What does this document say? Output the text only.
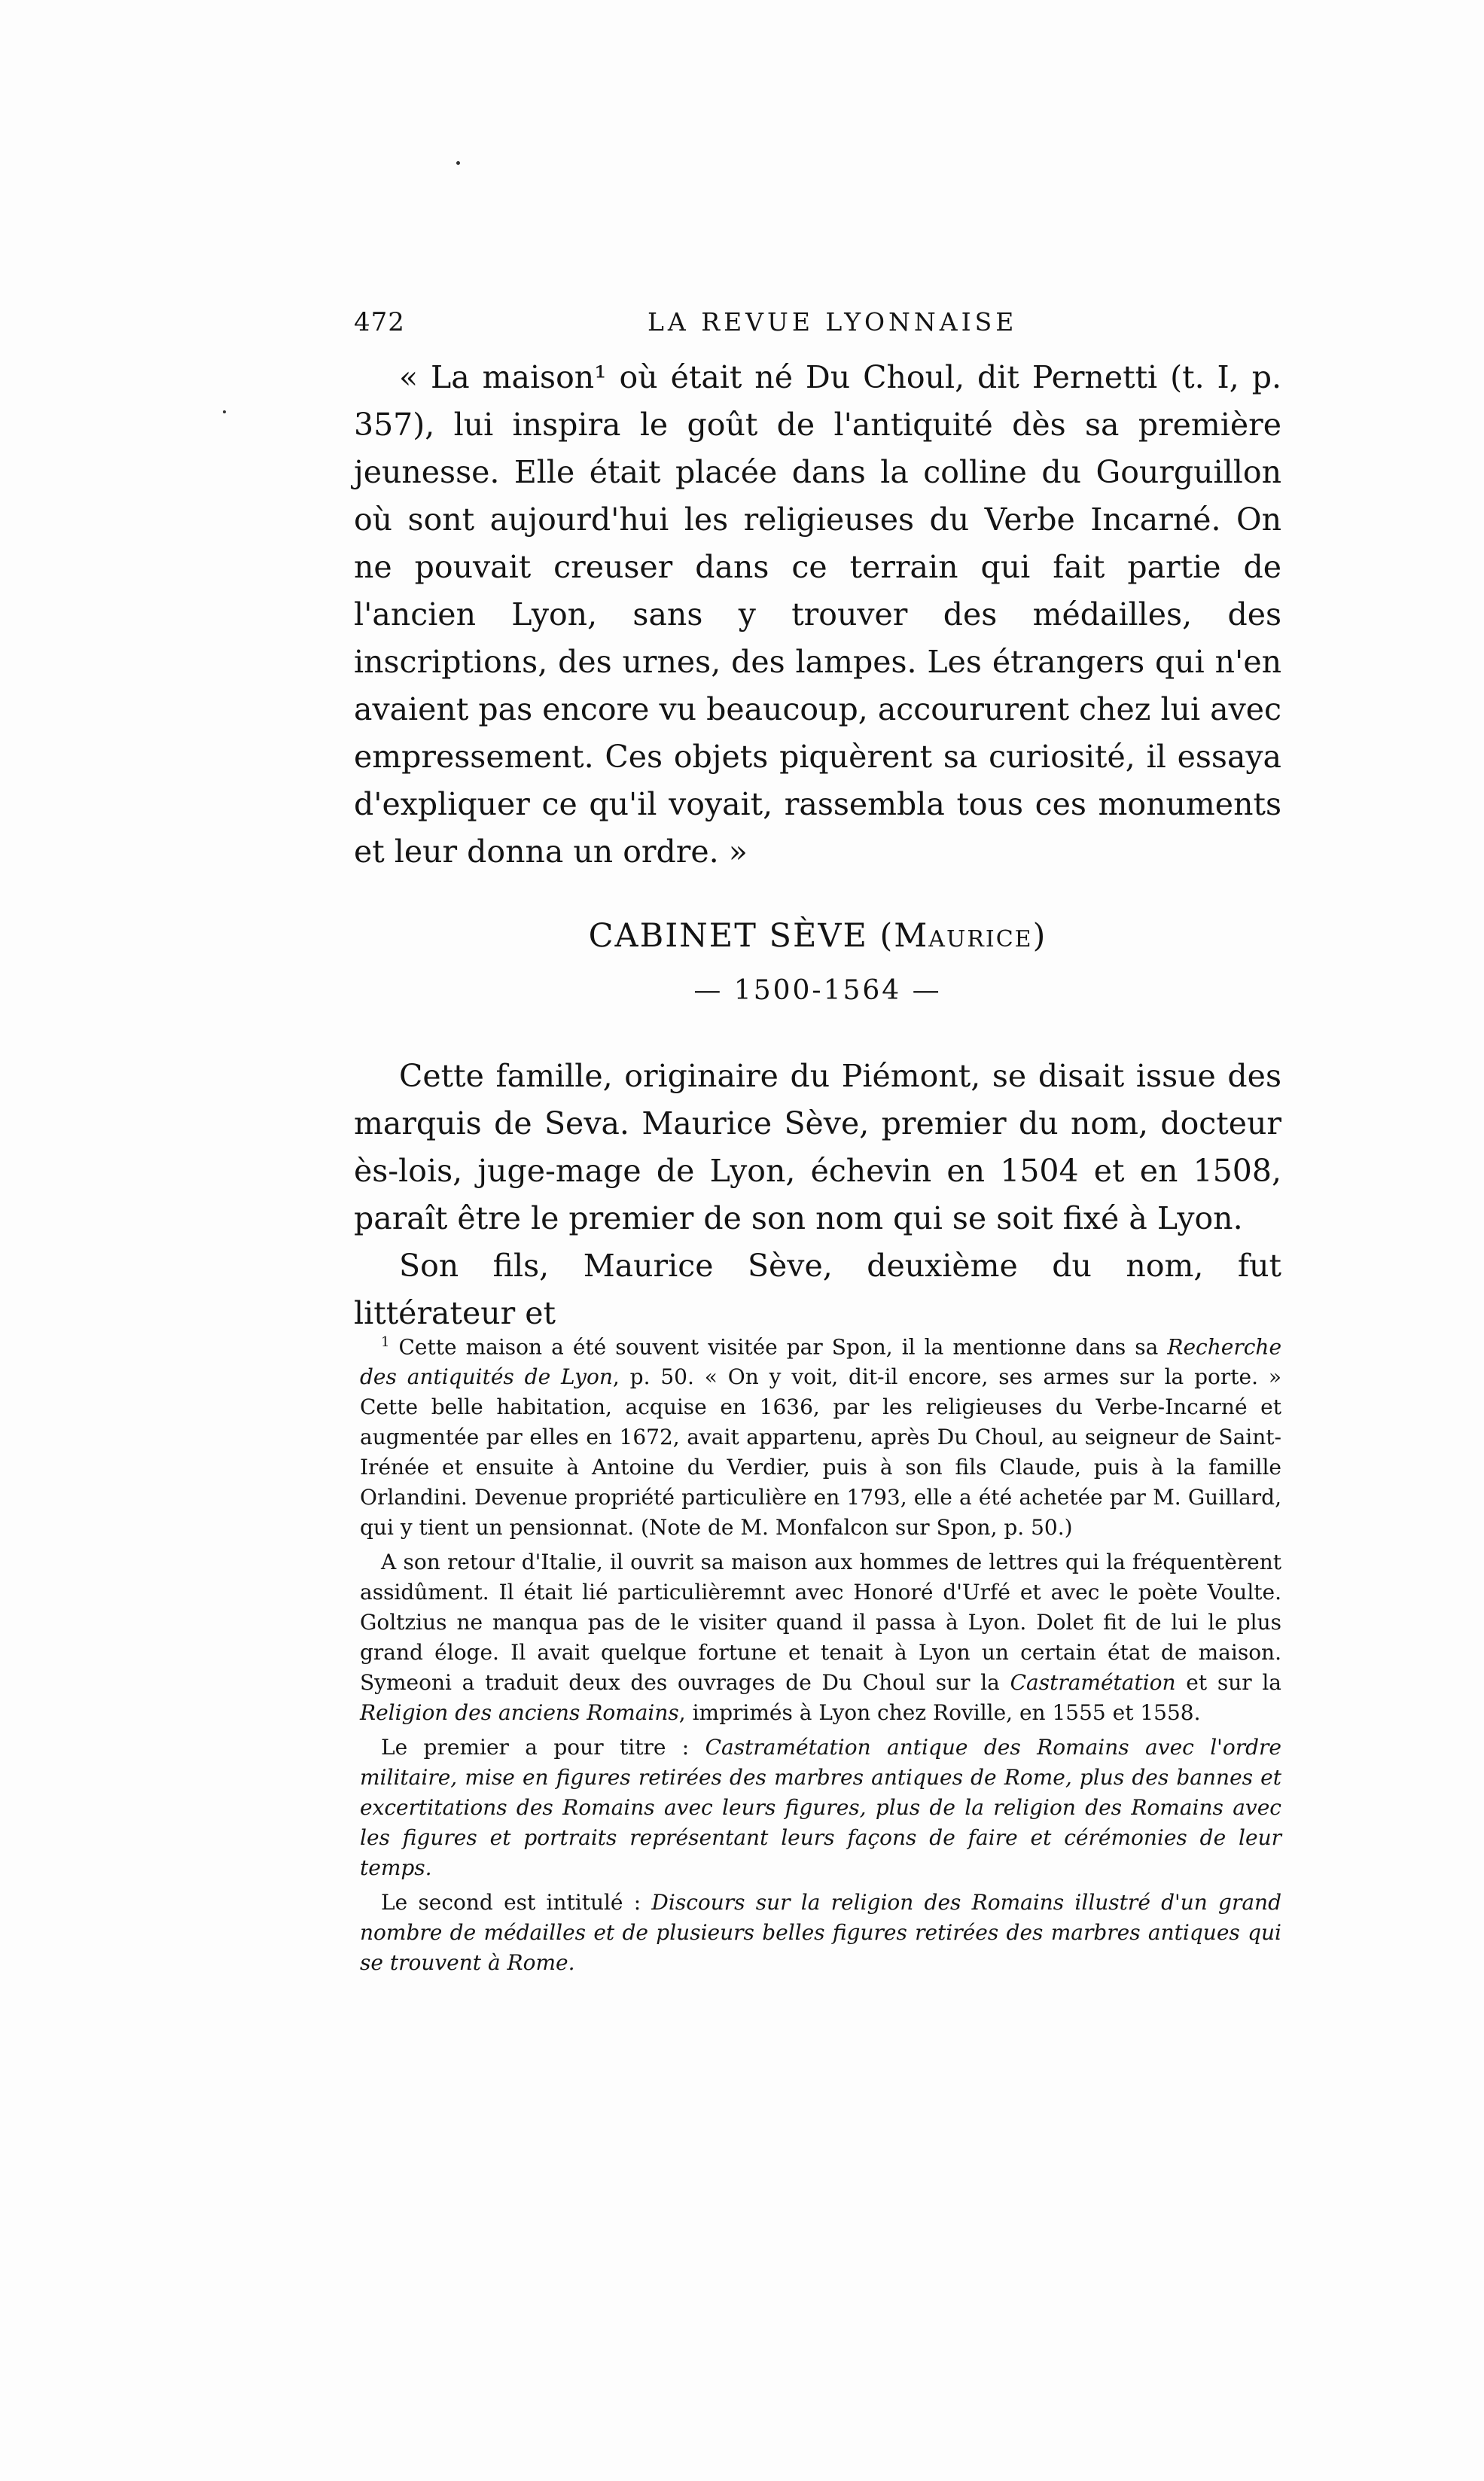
472	LA REVUE LYONNAISE

« La maison¹ où était né Du Choul, dit Pernetti (t. I, p. 357), lui inspira le goût de l'antiquité dès sa première jeunesse. Elle était placée dans la colline du Gourguillon où sont aujourd'hui les religieuses du Verbe Incarné. On ne pouvait creuser dans ce terrain qui fait partie de l'ancien Lyon, sans y trouver des médailles, des inscriptions, des urnes, des lampes. Les étrangers qui n'en avaient pas encore vu beaucoup, accoururent chez lui avec empressement. Ces objets piquèrent sa curiosité, il essaya d'expliquer ce qu'il voyait, rassembla tous ces monuments et leur donna un ordre. »

CABINET SÈVE (Maurice)

— 1500-1564 —

Cette famille, originaire du Piémont, se disait issue des marquis de Seva. Maurice Sève, premier du nom, docteur ès-lois, juge-mage de Lyon, échevin en 1504 et en 1508, paraît être le premier de son nom qui se soit fixé à Lyon.

Son fils, Maurice Sève, deuxième du nom, fut littérateur et

$^1$ Cette maison a été souvent visitée par Spon, il la mentionne dans sa Recherche des antiquités de Lyon, p. 50. « On y voit, dit-il encore, ses armes sur la porte. » Cette belle habitation, acquise en 1636, par les religieuses du Verbe-Incarné et augmentée par elles en 1672, avait appartenu, après Du Choul, au seigneur de Saint-Irénée et ensuite à Antoine du Verdier, puis à son fils Claude, puis à la famille Orlandini. Devenue propriété particulière en 1793, elle a été achetée par M. Guillard, qui y tient un pensionnat. (Note de M. Monfalcon sur Spon, p. 50.)

A son retour d'Italie, il ouvrit sa maison aux hommes de lettres qui la fréquentèrent assidûment. Il était lié particulièremnt avec Honoré d'Urfé et avec le poète Voulte. Goltzius ne manqua pas de le visiter quand il passa à Lyon. Dolet fit de lui le plus grand éloge. Il avait quelque fortune et tenait à Lyon un certain état de maison. Symeoni a traduit deux des ouvrages de Du Choul sur la Castramétation et sur la Religion des anciens Romains, imprimés à Lyon chez Roville, en 1555 et 1558.

Le premier a pour titre : Castramétation antique des Romains avec l'ordre militaire, mise en figures retirées des marbres antiques de Rome, plus des bannes et excertitations des Romains avec leurs figures, plus de la religion des Romains avec les figures et portraits représentant leurs façons de faire et cérémonies de leur temps.

Le second est intitulé : Discours sur la religion des Romains illustré d'un grand nombre de médailles et de plusieurs belles figures retirées des marbres antiques qui se trouvent à Rome.
